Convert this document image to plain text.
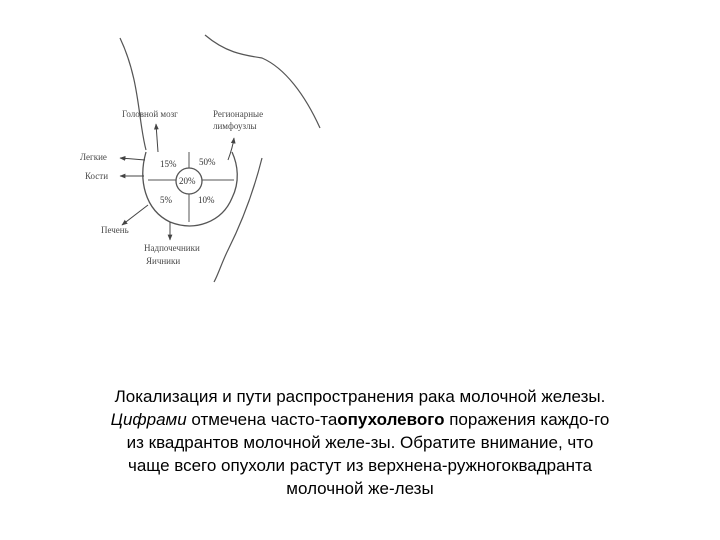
Головной мозг	Регионарные
лимфоузлы
Легкие
Кости
Печень
Надпочечники
Яичники
15%	50%
20%
5%	10%
Локализация и пути распространения рака молочной железы.
Цифрами отмечена часто-таопухолевого поражения каждо-го
из квадрантов молочной желе-зы. Обратите внимание, что
чаще всего опухоли растут из верхнена-ружногоквадранта
молочной же-лезы
